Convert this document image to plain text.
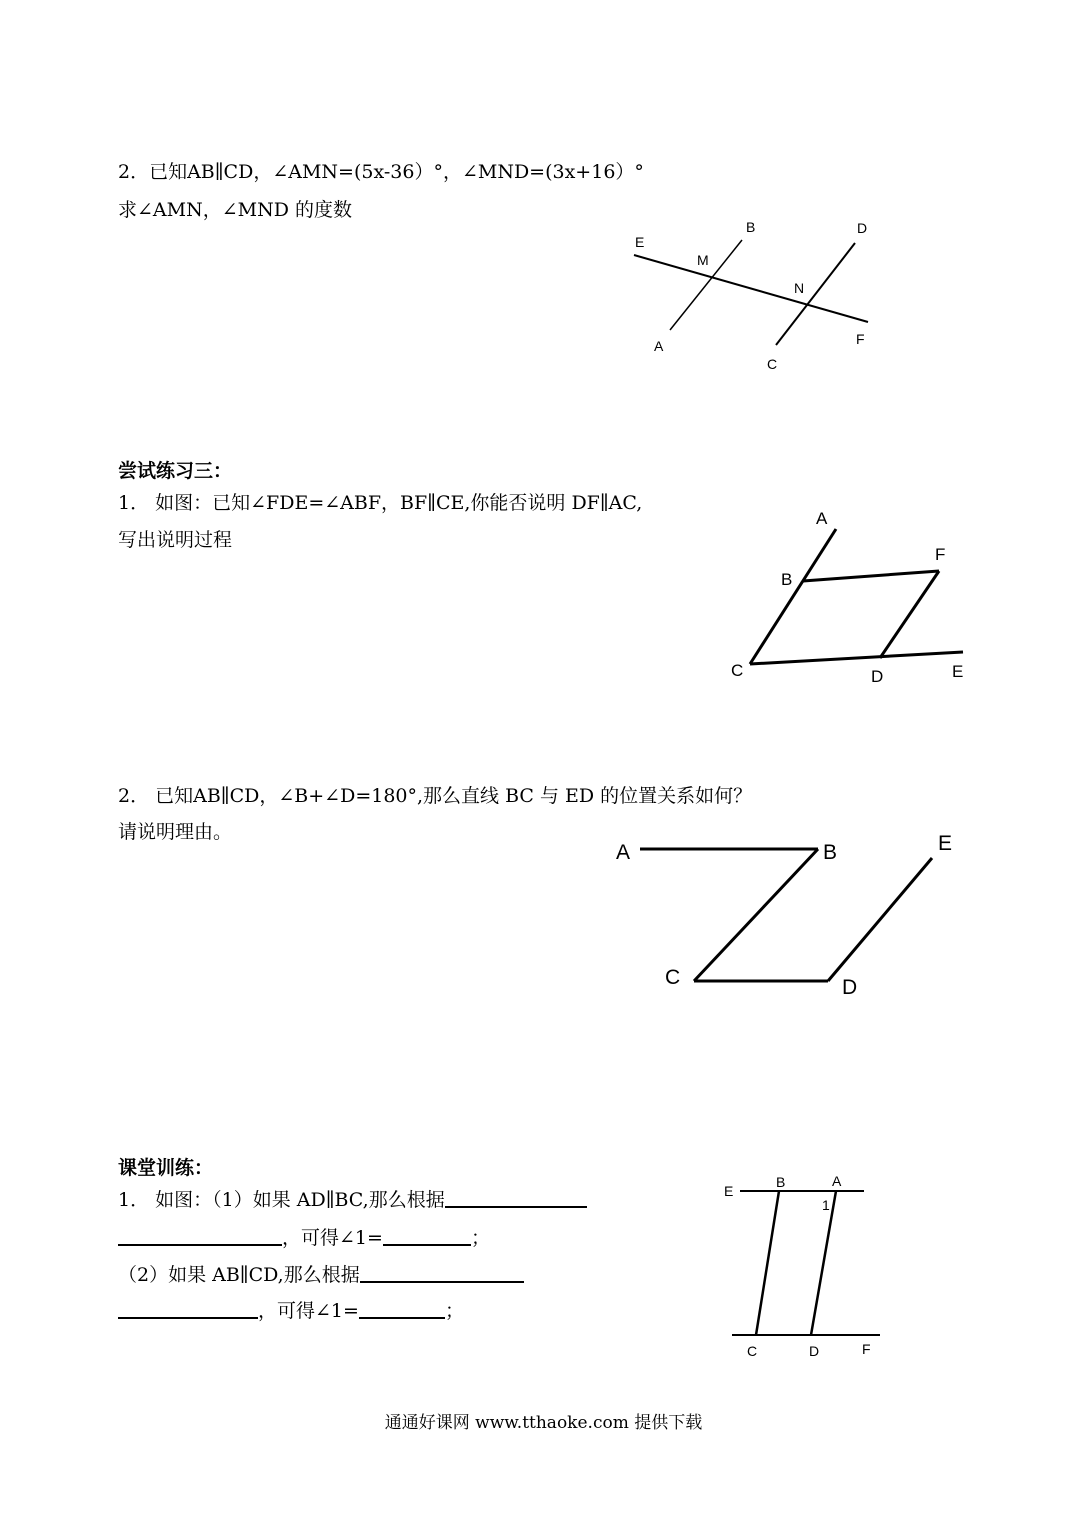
2．已知AB∥CD，∠AMN=(5x-36）°，∠MND=(3x+16）°
求∠AMN，∠MND 的度数
E
B	D
M
N
A	F
C
尝试练习三：
1． 如图：已知∠FDE=∠ABF，BF∥CE,你能否说明 DF∥AC,
写出说明过程
A
B
F
C	D	E
2． 已知AB∥CD，∠B+∠D=180°,那么直线 BC 与 ED 的位置关系如何？
请说明理由。
A	B	E
C	D
课堂训练：
1． 如图：（1）如果 AD∥BC,那么根据
，可得∠1=	；
（2）如果 AB∥CD,那么根据
，可得∠1=	；
E
B	A
1
C	D	F
通通好课网 www.tthaoke.com 提供下载
